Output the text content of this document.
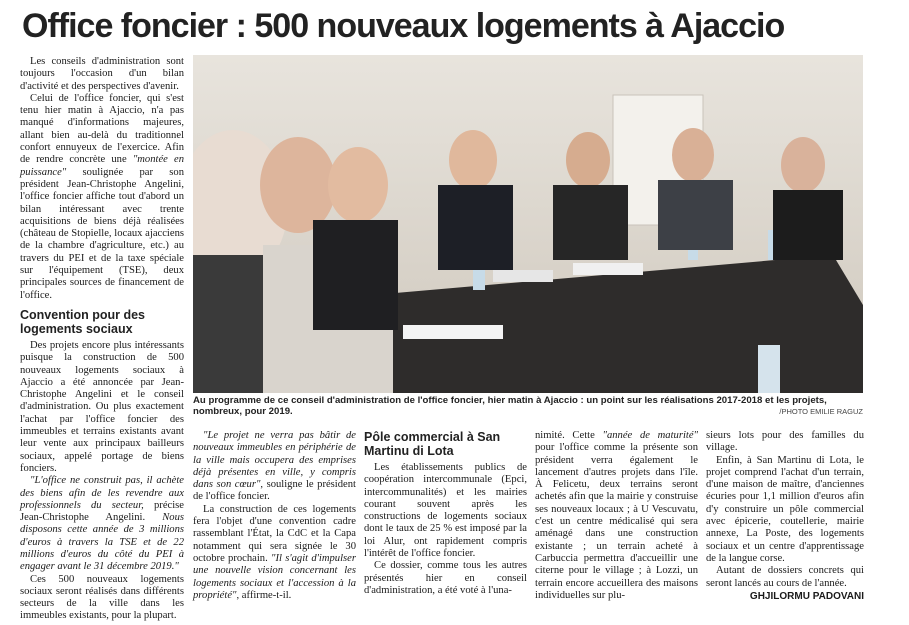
Office foncier : 500 nouveaux logements à Ajaccio

Les conseils d'administration sont toujours l'occasion d'un bilan d'activité et des perspectives d'avenir.

Celui de l'office foncier, qui s'est tenu hier matin à Ajaccio, n'a pas manqué d'informations majeures, allant bien au-delà du traditionnel confort ennuyeux de l'exercice. Afin de rendre concrète une "montée en puissance" soulignée par son président Jean-Christophe Angelini, l'office foncier affiche tout d'abord un bilan intéressant avec trente acquisitions de biens déjà réalisées (château de Stopielle, locaux ajacciens de la chambre d'agriculture, etc.) au travers du PEI et de la taxe spéciale sur l'équipement (TSE), deux principales sources de financement de l'office.

Convention pour des logements sociaux

Des projets encore plus intéressants puisque la construction de 500 nouveaux logements sociaux à Ajaccio a été annoncée par Jean-Christophe Angelini et le conseil d'administration. Ou plus exactement l'achat par l'office foncier des immeubles et terrains existants avant leur vente aux principaux bailleurs sociaux, appelé portage de biens fonciers.

"L'office ne construit pas, il achète des biens afin de les revendre aux professionnels du secteur, précise Jean-Christophe Angelini. Nous disposons cette année de 3 millions d'euros à travers la TSE et de 22 millions d'euros du côté du PEI à engager avant le 31 décembre 2019."

Ces 500 nouveaux logements sociaux seront réalisés dans différents secteurs de la ville dans les immeubles existants, pour la plupart.

Au programme de ce conseil d'administration de l'office foncier, hier matin à Ajaccio : un point sur les réalisations 2017-2018 et les projets, nombreux, pour 2019.	/PHOTO EMILIE RAGUZ

"Le projet ne verra pas bâtir de nouveaux immeubles en périphérie de la ville mais occupera des emprises déjà présentes en ville, y compris dans son cœur", souligne le président de l'office foncier.

La construction de ces logements fera l'objet d'une convention cadre rassemblant l'État, la CdC et la Capa notamment qui sera signée le 30 octobre prochain. "Il s'agit d'impulser une nouvelle vision concernant les logements sociaux et l'accession à la propriété", affirme-t-il.

Pôle commercial à San Martinu di Lota

Les établissements publics de coopération intercommunale (Epci, intercommunalités) et les mairies courant souvent après les constructions de logements sociaux dont le taux de 25 % est imposé par la loi Alur, ont rapidement compris l'intérêt de l'office foncier.

Ce dossier, comme tous les autres présentés hier en conseil d'administration, a été voté à l'una-

nimité. Cette "année de maturité" pour l'office comme la présente son président verra également le lancement d'autres projets dans l'île. À Felicetu, deux terrains seront achetés afin que la mairie y construise ses nouveaux locaux ; à U Vescuvatu, c'est un centre médicalisé qui sera aménagé dans une construction existante ; un terrain acheté à Carbuccia permettra d'accueillir une citerne pour le village ; à Lozzi, un terrain encore accueillera des maisons individuelles sur plu-

sieurs lots pour des familles du village.

Enfin, à San Martinu di Lota, le projet comprend l'achat d'un terrain, d'une maison de maître, d'anciennes écuries pour 1,1 million d'euros afin d'y construire un pôle commercial avec épicerie, coutellerie, mairie annexe, La Poste, des logements sociaux et un centre d'apprentissage de la langue corse.

Autant de dossiers concrets qui seront lancés au cours de l'année.

GHJILORMU PADOVANI
